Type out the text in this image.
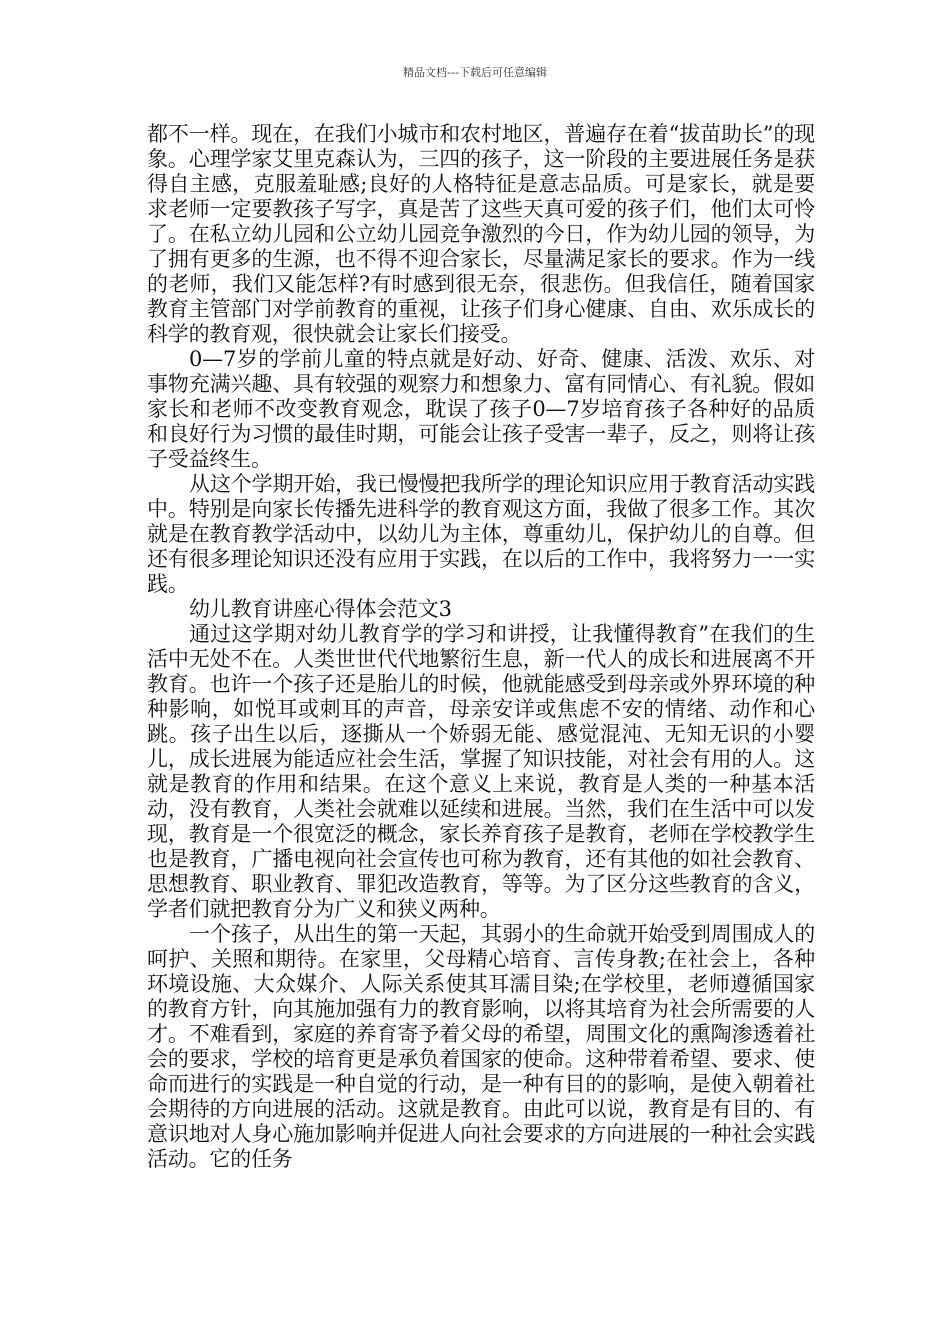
精品文档---下载后可任意编辑

都不一样。现在，在我们小城市和农村地区，普遍存在着“拔苗助长”的现象。心理学家艾里克森认为，三四的孩子，这一阶段的主要进展任务是获得自主感，克服羞耻感;良好的人格特征是意志品质。可是家长，就是要求老师一定要教孩子写字，真是苦了这些天真可爱的孩子们，他们太可怜了。在私立幼儿园和公立幼儿园竞争激烈的今日，作为幼儿园的领导，为了拥有更多的生源，也不得不迎合家长，尽量满足家长的要求。作为一线的老师，我们又能怎样?有时感到很无奈，很悲伤。但我信任，随着国家教育主管部门对学前教育的重视，让孩子们身心健康、自由、欢乐成长的科学的教育观，很快就会让家长们接受。

0—7岁的学前儿童的特点就是好动、好奇、健康、活泼、欢乐、对事物充满兴趣、具有较强的观察力和想象力、富有同情心、有礼貌。假如家长和老师不改变教育观念，耽误了孩子0—7岁培育孩子各种好的品质和良好行为习惯的最佳时期，可能会让孩子受害一辈子，反之，则将让孩子受益终生。

从这个学期开始，我已慢慢把我所学的理论知识应用于教育活动实践中。特别是向家长传播先进科学的教育观这方面，我做了很多工作。其次就是在教育教学活动中，以幼儿为主体，尊重幼儿，保护幼儿的自尊。但还有很多理论知识还没有应用于实践，在以后的工作中，我将努力一一实践。

幼儿教育讲座心得体会范文3

通过这学期对幼儿教育学的学习和讲授，让我懂得教育”在我们的生活中无处不在。人类世世代代地繁衍生息，新一代人的成长和进展离不开教育。也许一个孩子还是胎儿的时候，他就能感受到母亲或外界环境的种种影响，如悦耳或刺耳的声音，母亲安详或焦虑不安的情绪、动作和心跳。孩子出生以后，逐撕从一个娇弱无能、感觉混沌、无知无识的小婴儿，成长进展为能适应社会生活，掌握了知识技能，对社会有用的人。这就是教育的作用和结果。在这个意义上来说，教育是人类的一种基本活动，没有教育，人类社会就难以延续和进展。当然，我们在生活中可以发现，教育是一个很宽泛的概念，家长养育孩子是教育，老师在学校教学生也是教育，广播电视向社会宣传也可称为教育，还有其他的如社会教育、思想教育、职业教育、罪犯改造教育，等等。为了区分这些教育的含义，学者们就把教育分为广义和狭义两种。

一个孩子，从出生的第一天起，其弱小的生命就开始受到周围成人的呵护、关照和期待。在家里，父母精心培育、言传身教;在社会上，各种环境设施、大众媒介、人际关系使其耳濡目染;在学校里，老师遵循国家的教育方针，向其施加强有力的教育影响，以将其培育为社会所需要的人才。不难看到，家庭的养育寄予着父母的希望，周围文化的熏陶渗透着社会的要求，学校的培育更是承负着国家的使命。这种带着希望、要求、使命而进行的实践是一种自觉的行动，是一种有目的的影响，是使入朝着社会期待的方向进展的活动。这就是教育。由此可以说，教育是有目的、有意识地对人身心施加影响并促进人向社会要求的方向进展的一种社会实践活动。它的任务
